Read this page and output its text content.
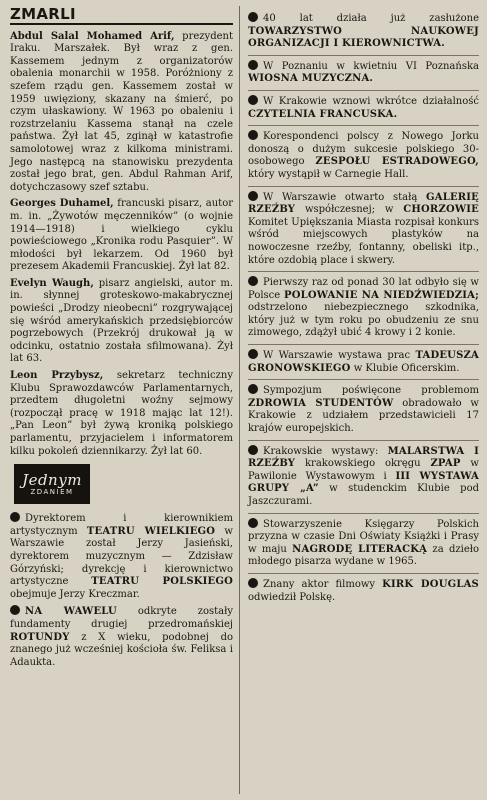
ZMARLI

Abdul Salal Mohamed Arif, prezydent Iraku. Marszałek. Był wraz z gen. Kassemem jednym z organizatorów obalenia monarchii w 1958. Poróżniony z szefem rządu gen. Kassemem został w 1959 uwięziony, skazany na śmierć, po czym ułaskawiony. W 1963 po obaleniu i rozstrzelaniu Kassema stanął na czele państwa. Żył lat 45, zginął w katastrofie samolotowej wraz z kilkoma ministrami. Jego następcą na stanowisku prezydenta został jego brat, gen. Abdul Rahman Arif, dotychczasowy szef sztabu.

Georges Duhamel, francuski pisarz, autor m. in. „Żywotów męczenników” (o wojnie 1914—1918) i wielkiego cyklu powieściowego „Kronika rodu Pasquier”. W młodości był lekarzem. Od 1960 był prezesem Akademii Francuskiej. Żył lat 82.

Evelyn Waugh, pisarz angielski, autor m. in. słynnej groteskowo-makabrycznej powieści „Drodzy nieobecni” rozgrywającej się wśród amerykańskich przedsiębiorców pogrzebowych (Przekrój drukował ją w odcinku, ostatnio została sfilmowana). Żył lat 63.

Leon Przybysz, sekretarz techniczny Klubu Sprawozdawców Parlamentarnych, przedtem długoletni woźny sejmowy (rozpoczął pracę w 1918 mając lat 12!). „Pan Leon” był żywą kroniką polskiego parlamentu, przyjacielem i informatorem kilku pokoleń dziennikarzy. Żył lat 60.

Jednym
ZDANIEM

Dyrektorem i kierownikiem artystycznym TEATRU WIELKIEGO w Warszawie został Jerzy Jasieński, dyrektorem muzycznym — Zdzisław Górzyński; dyrekcję i kierownictwo artystyczne TEATRU POLSKIEGO obejmuje Jerzy Kreczmar.

NA WAWELU odkryte zostały fundamenty drugiej przedromańskiej ROTUNDY z X wieku, podobnej do znanego już wcześniej kościoła św. Feliksa i Adaukta.

40 lat działa już zasłużone TOWARZYSTWO NAUKOWEJ ORGANIZACJI I KIEROWNICTWA.

W Poznaniu w kwietniu VI Poznańska WIOSNA MUZYCZNA.

W Krakowie wznowi wkrótce działalność CZYTELNIA FRANCUSKA.

Korespondenci polscy z Nowego Jorku donoszą o dużym sukcesie polskiego 30-osobowego ZESPOŁU ESTRADOWEGO, który wystąpił w Carnegie Hall.

W Warszawie otwarto stałą GALERIĘ RZEŹBY współczesnej; w CHORZOWIE Komitet Upiększania Miasta rozpisał konkurs wśród miejscowych plastyków na nowoczesne rzeźby, fontanny, obeliski itp., które ozdobią place i skwery.

Pierwszy raz od ponad 30 lat odbyło się w Polsce POLOWANIE NA NIEDŹWIEDZIA; odstrzelono niebezpiecznego szkodnika, który już w tym roku po obudzeniu ze snu zimowego, zdążył ubić 4 krowy i 2 konie.

W Warszawie wystawa prac TADEUSZA GRONOWSKIEGO w Klubie Oficerskim.

Sympozjum poświęcone problemom ZDROWIA STUDENTÓW obradowało w Krakowie z udziałem przedstawicieli 17 krajów europejskich.

Krakowskie wystawy: MALARSTWA I RZEŹBY krakowskiego okręgu ZPAP w Pawilonie Wystawowym i III WYSTAWA GRUPY „A” w studenckim Klubie pod Jaszczurami.

Stowarzyszenie Księgarzy Polskich przyzna w czasie Dni Oświaty Książki i Prasy w maju NAGRODĘ LITERACKĄ za dzieło młodego pisarza wydane w 1965.

Znany aktor filmowy KIRK DOUGLAS odwiedził Polskę.
